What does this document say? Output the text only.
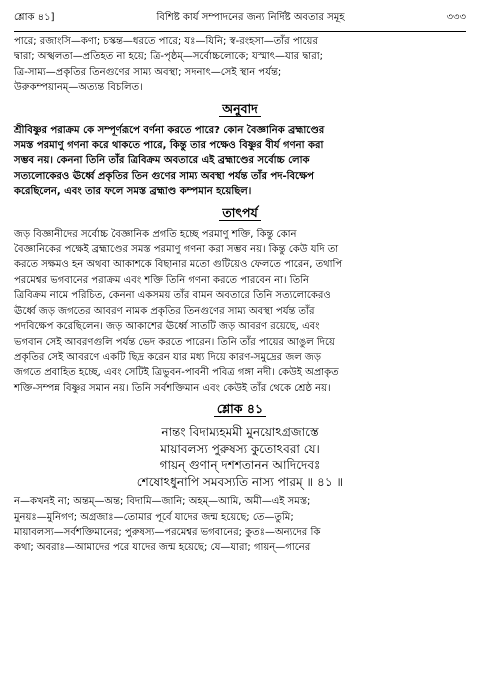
শ্লোক ৪১]	বিশিষ্ট কার্য সম্পাদনের জন্য নির্দিষ্ট অবতার সমূহ	৩৩৩

পারে; রজাংসি—কণা; চস্কন্ত—ধরতে পারে; যঃ—যিনি; স্ব-রংহসা—তাঁর পায়ের

দ্বারা; অস্খলতা—প্রতিহত না হয়ে; ত্রি-পৃষ্ঠম্—সর্বোচ্চলোকে; যস্মাৎ—যার দ্বারা;

ত্রি-সাম্য—প্রকৃতির তিনগুণের সাম্য অবস্থা; সদনাৎ—সেই স্থান পর্যন্ত;

উরুকম্পয়ানম্—অত্যন্ত বিচলিত।

অনুবাদ

শ্রীবিষ্ণুর পরাক্রম কে সম্পূর্ণরূপে বর্ণনা করতে পারে? কোন বৈজ্ঞানিক ব্রহ্মাণ্ডের

সমস্ত পরমাণু গণনা করে থাকতে পারে, কিন্তু তার পক্ষেও বিষ্ণুর বীর্য গণনা করা

সম্ভব নয়। কেননা তিনি তাঁর ত্রিবিক্রম অবতারে এই ব্রহ্মাণ্ডের সর্বোচ্চ লোক

সত্যলোকেরও ঊর্ধ্বে প্রকৃতির তিন গুণের সাম্য অবস্থা পর্যন্ত তাঁর পদ-বিক্ষেপ

করেছিলেন, এবং তার ফলে সমস্ত ব্রহ্মাণ্ড কম্পমান হয়েছিল।

তাৎপর্য

জড় বিজ্ঞানীদের সর্বোচ্চ বৈজ্ঞানিক প্রগতি হচ্ছে পরমাণু শক্তি, কিন্তু কোন

বৈজ্ঞানিকের পক্ষেই ব্রহ্মাণ্ডের সমস্ত পরমাণু গণনা করা সম্ভব নয়। কিন্তু কেউ যদি তা

করতে সক্ষমও হন অথবা আকাশকে বিছানার মতো গুটিয়েও ফেলতে পারেন, তথাপি

পরমেশ্বর ভগবানের পরাক্রম এবং শক্তি তিনি গণনা করতে পারবেন না। তিনি

ত্রিবিক্রম নামে পরিচিত, কেননা একসময় তাঁর বামন অবতারে তিনি সত্যলোকেরও

ঊর্ধ্বে জড় জগতের আবরণ নামক প্রকৃতির তিনগুণের সাম্য অবস্থা পর্যন্ত তাঁর

পদবিক্ষেপ করেছিলেন। জড় আকাশের ঊর্ধ্বে সাতটি জড় আবরণ রয়েছে, এবং

ভগবান সেই আবরণগুলি পর্যন্ত ভেদ করতে পারেন। তিনি তাঁর পায়ের আঙুল দিয়ে

প্রকৃতির সেই আবরণে একটি ছিদ্র করেন যার মধ্য দিয়ে কারণ-সমুদ্রের জল জড়

জগতে প্রবাহিত হচ্ছে, এবং সেটিই ত্রিভুবন-পাবনী পবিত্র গঙ্গা নদী। কেউই অপ্রাকৃত

শক্তি-সম্পন্ন বিষ্ণুর সমান নয়। তিনি সর্বশক্তিমান এবং কেউই তাঁর থেকে শ্রেষ্ঠ নয়।

শ্লোক ৪১
নান্তং বিদাম্যহমমী মুনয়োঽগ্রজাস্তে
মায়াবলস্য পুরুষস্য কুতোঽবরা যে।
গায়ন্ গুণান্ দশশতানন আদিদেবঃ
শেষোঽধুনাপি সমবস্যতি নাস্য পারম্ ॥ ৪১ ॥

ন—কখনই না; অন্তম্—অন্ত; বিদামি—জানি; অহম্—আমি, অমী—এই সমস্ত;

মুনয়ঃ—মুনিগণ; অগ্রজাঃ—তোমার পূর্বে যাদের জন্ম হয়েছে; তে—তুমি;

মায়াবলস্য—সর্বশক্তিমানের; পুরুষস্য—পরমেশ্বর ভগবানের; কুতঃ—অন্যদের কি

কথা; অবরাঃ—আমাদের পরে যাদের জন্ম হয়েছে; যে—যারা; গায়ন্—গানের
